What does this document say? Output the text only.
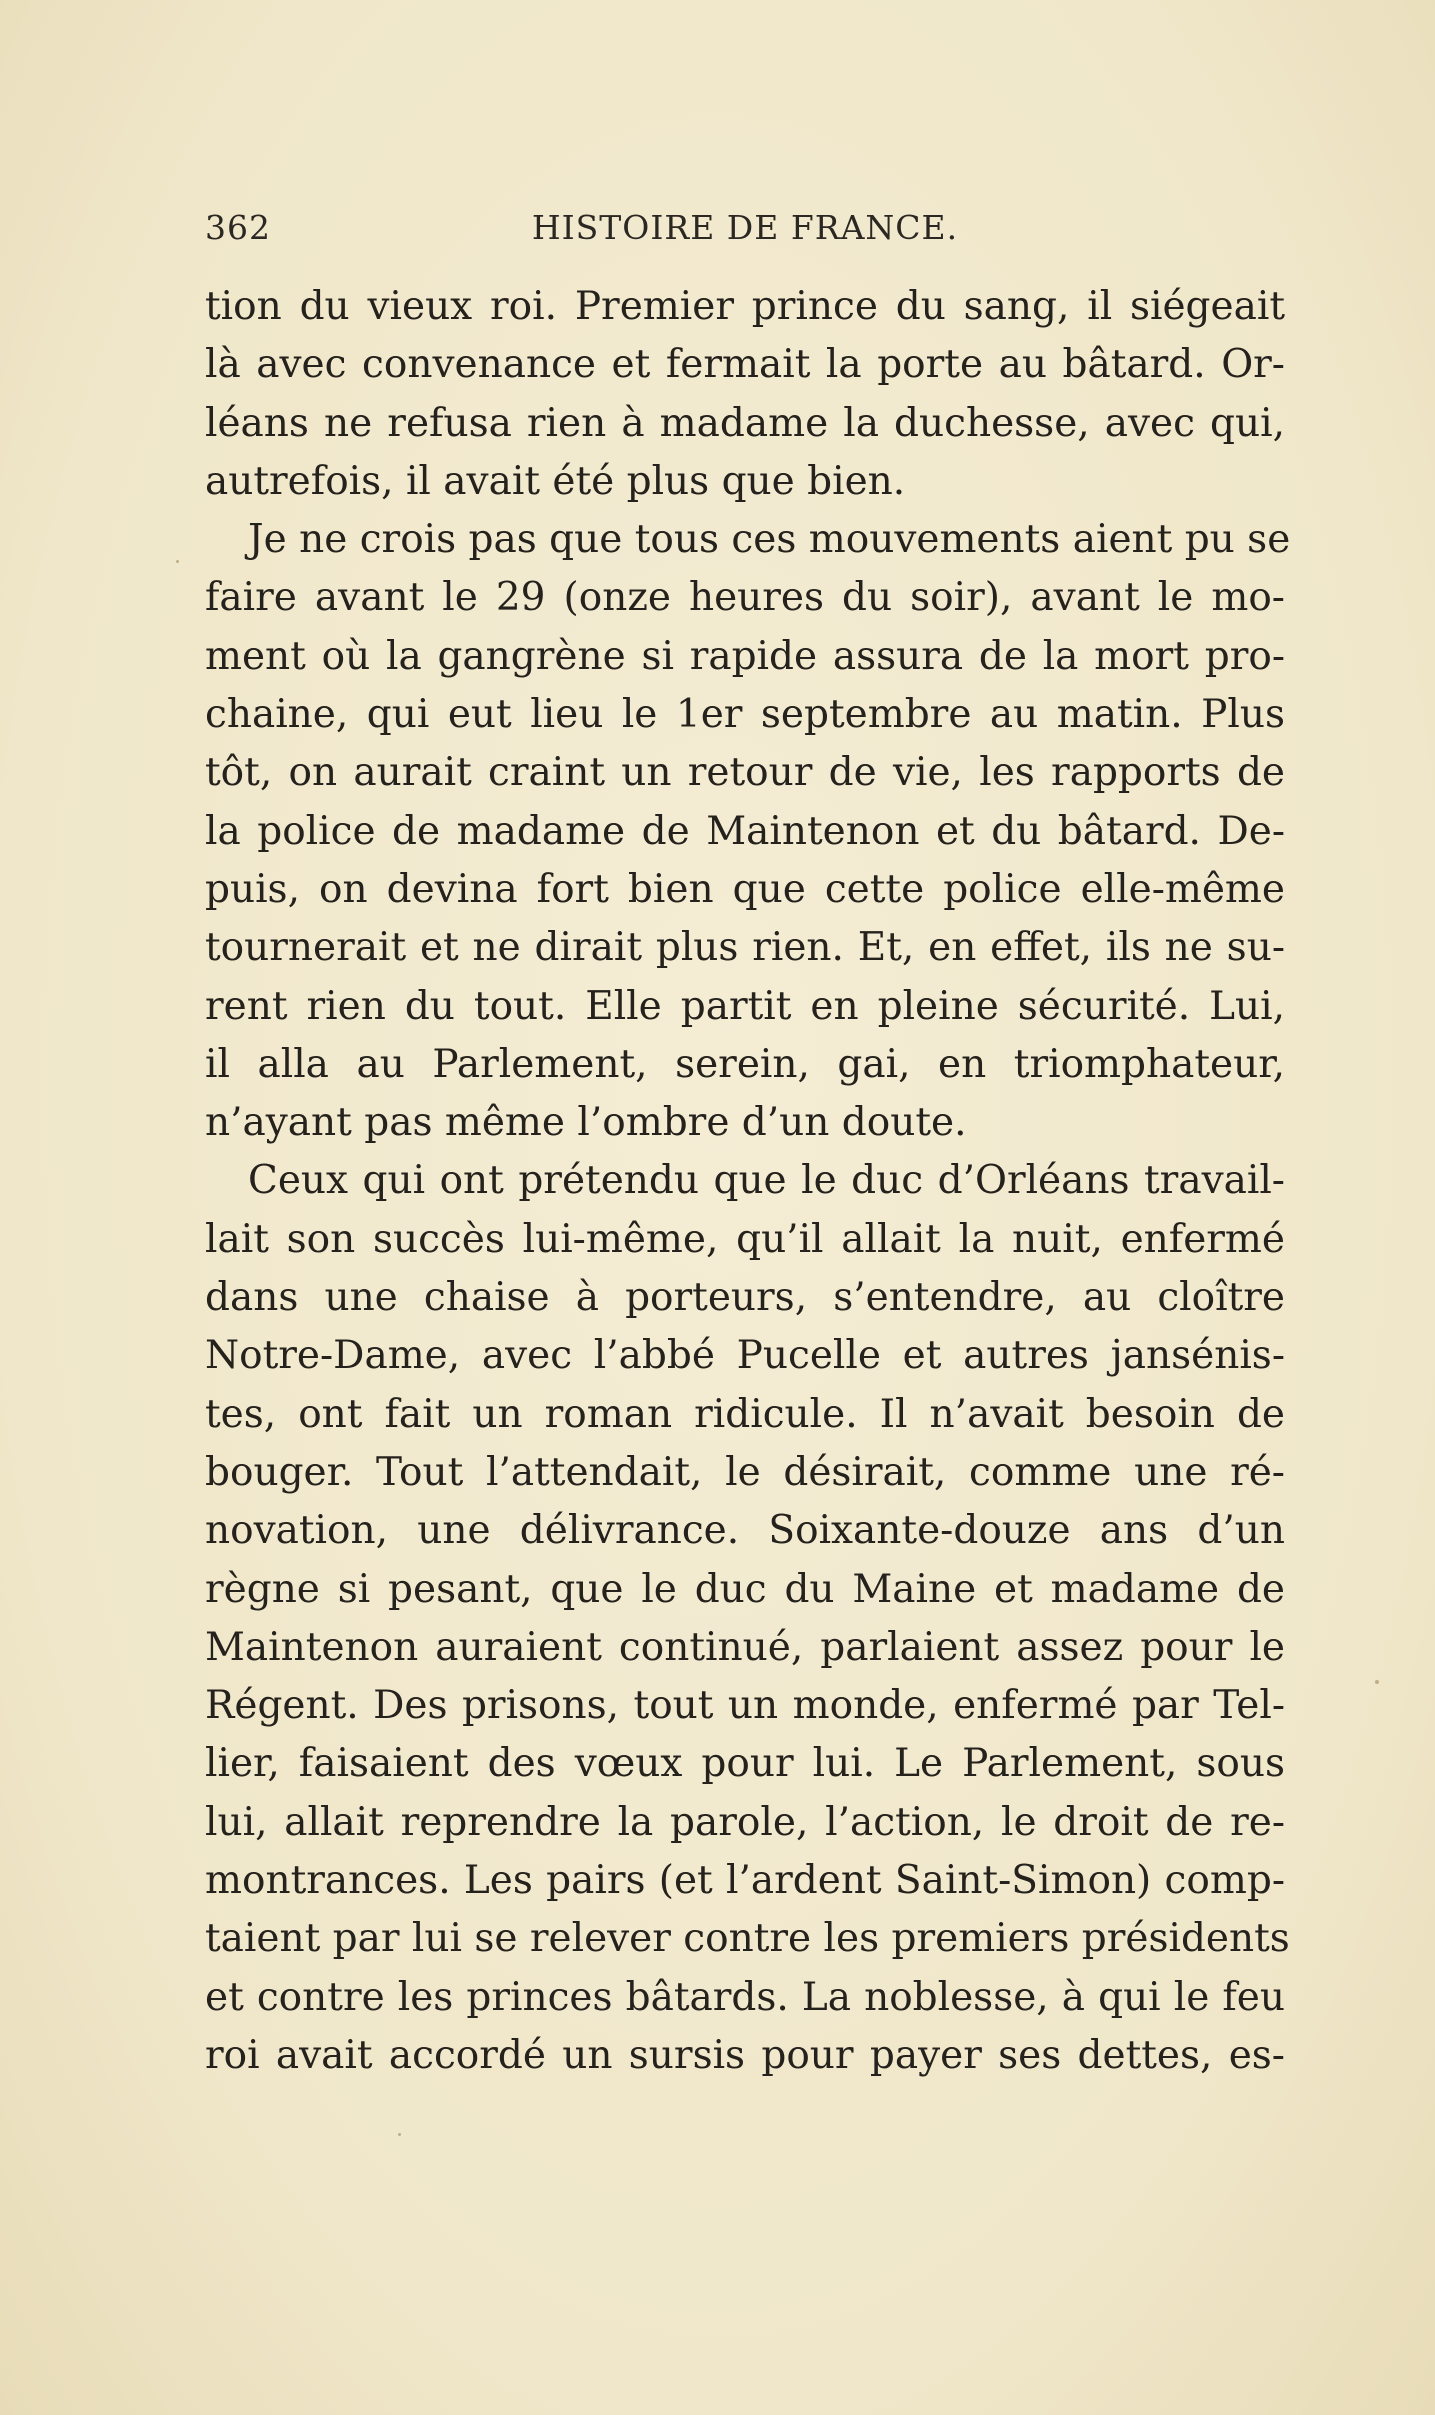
362	HISTOIRE DE FRANCE.
tion du vieux roi. Premier prince du sang, il siégeait
là avec convenance et fermait la porte au bâtard. Or-
léans ne refusa rien à madame la duchesse, avec qui,
autrefois, il avait été plus que bien.
Je ne crois pas que tous ces mouvements aient pu se
faire avant le 29 (onze heures du soir), avant le mo-
ment où la gangrène si rapide assura de la mort pro-
chaine, qui eut lieu le 1er septembre au matin. Plus
tôt, on aurait craint un retour de vie, les rapports de
la police de madame de Maintenon et du bâtard. De-
puis, on devina fort bien que cette police elle-même
tournerait et ne dirait plus rien. Et, en effet, ils ne su-
rent rien du tout. Elle partit en pleine sécurité. Lui,
il alla au Parlement, serein, gai, en triomphateur,
n’ayant pas même l’ombre d’un doute.
Ceux qui ont prétendu que le duc d’Orléans travail-
lait son succès lui-même, qu’il allait la nuit, enfermé
dans une chaise à porteurs, s’entendre, au cloître
Notre-Dame, avec l’abbé Pucelle et autres jansénis-
tes, ont fait un roman ridicule. Il n’avait besoin de
bouger. Tout l’attendait, le désirait, comme une ré-
novation, une délivrance. Soixante-douze ans d’un
règne si pesant, que le duc du Maine et madame de
Maintenon auraient continué, parlaient assez pour le
Régent. Des prisons, tout un monde, enfermé par Tel-
lier, faisaient des vœux pour lui. Le Parlement, sous
lui, allait reprendre la parole, l’action, le droit de re-
montrances. Les pairs (et l’ardent Saint-Simon) comp-
taient par lui se relever contre les premiers présidents
et contre les princes bâtards. La noblesse, à qui le feu
roi avait accordé un sursis pour payer ses dettes, es-
